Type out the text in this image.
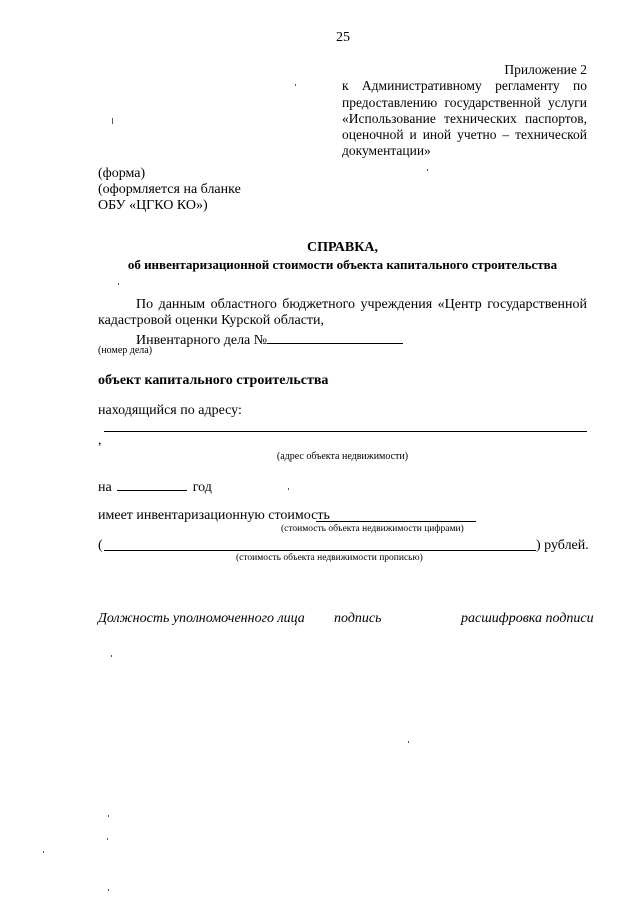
25
Приложение 2
к Административному регламенту по
предоставлению государственной услуги
«Использование технических паспортов,
оценочной и иной учетно – технической
документации»
(форма)
(оформляется на бланке
ОБУ «ЦГКО КО»)
СПРАВКА,
об инвентаризационной стоимости объекта капитального строительства
По данным областного бюджетного учреждения «Центр государственной
кадастровой оценки Курской области,
Инвентарного дела №
(номер дела)
объект капитального строительства
находящийся по адресу:
,
(адрес объекта недвижимости)
на	год
имеет инвентаризационную стоимость
(стоимость объекта недвижимости цифрами)
(	) рублей.
(стоимость объекта недвижимости прописью)
Должность уполномоченного лица подпись	расшифровка подписи
